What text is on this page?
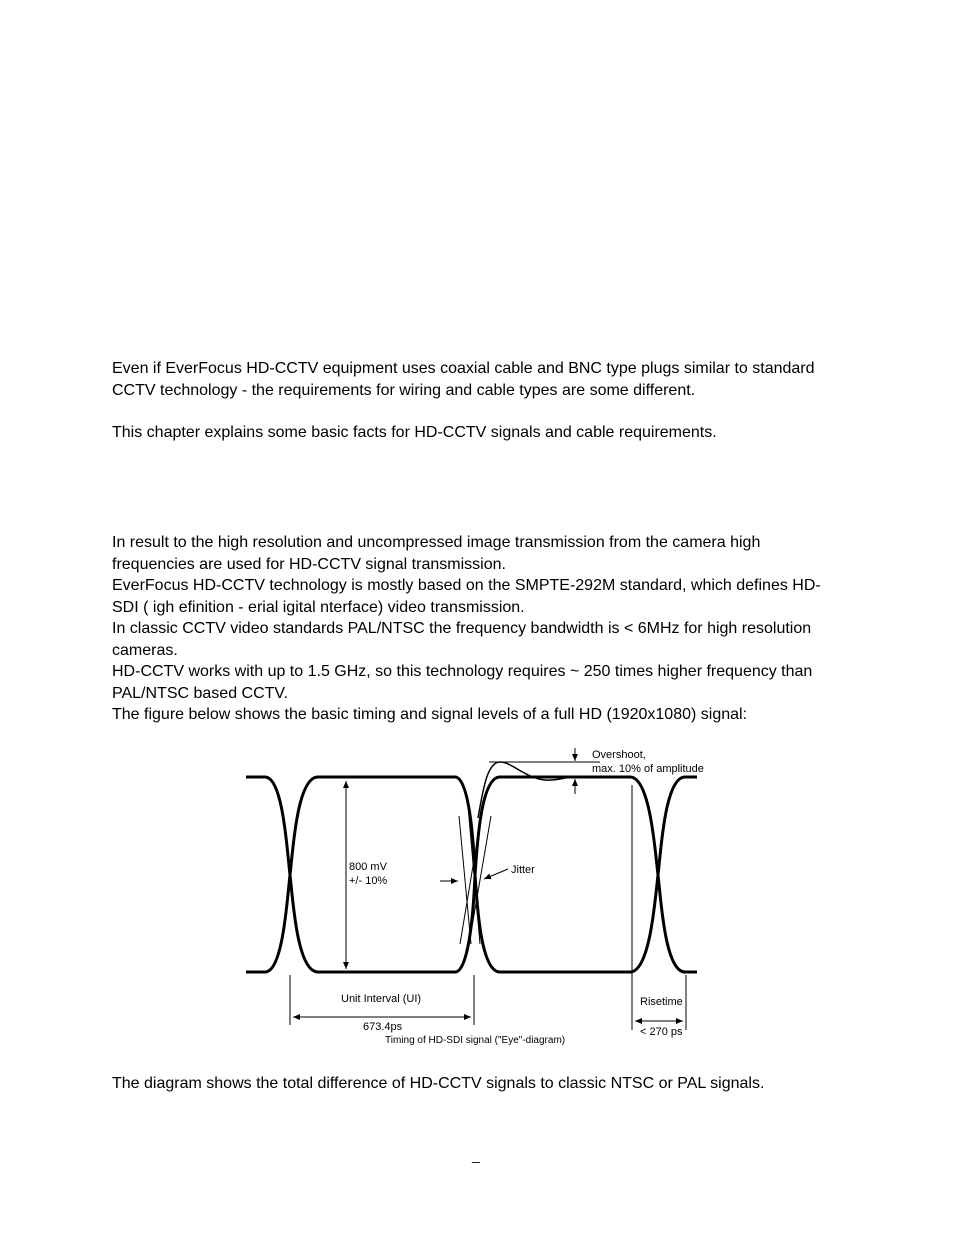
Even if EverFocus HD-CCTV equipment uses coaxial cable and BNC type plugs similar to standard CCTV technology - the requirements for wiring and cable types are some different.

This chapter explains some basic facts for HD-CCTV signals and cable requirements.

In result to the high resolution and uncompressed image transmission from the camera high frequencies are used for HD-CCTV signal transmission.

EverFocus HD-CCTV technology is mostly based on the SMPTE-292M standard, which defines HD-SDI ( igh efinition - erial igital nterface) video transmission.

In classic CCTV video standards PAL/NTSC the frequency bandwidth is < 6MHz for high resolution cameras.

HD-CCTV works with up to 1.5 GHz, so this technology requires ~ 250 times higher frequency than PAL/NTSC based CCTV.

The figure below shows the basic timing and signal levels of a full HD (1920x1080) signal:

Overshoot,
max. 10% of amplitude
800 mV
+/- 10%
Jitter
Unit Interval (UI)
673.4ps
Risetime
< 270 ps
Timing of HD-SDI signal ("Eye"-diagram)

The diagram shows the total difference of HD-CCTV signals to classic NTSC or PAL signals.

_
